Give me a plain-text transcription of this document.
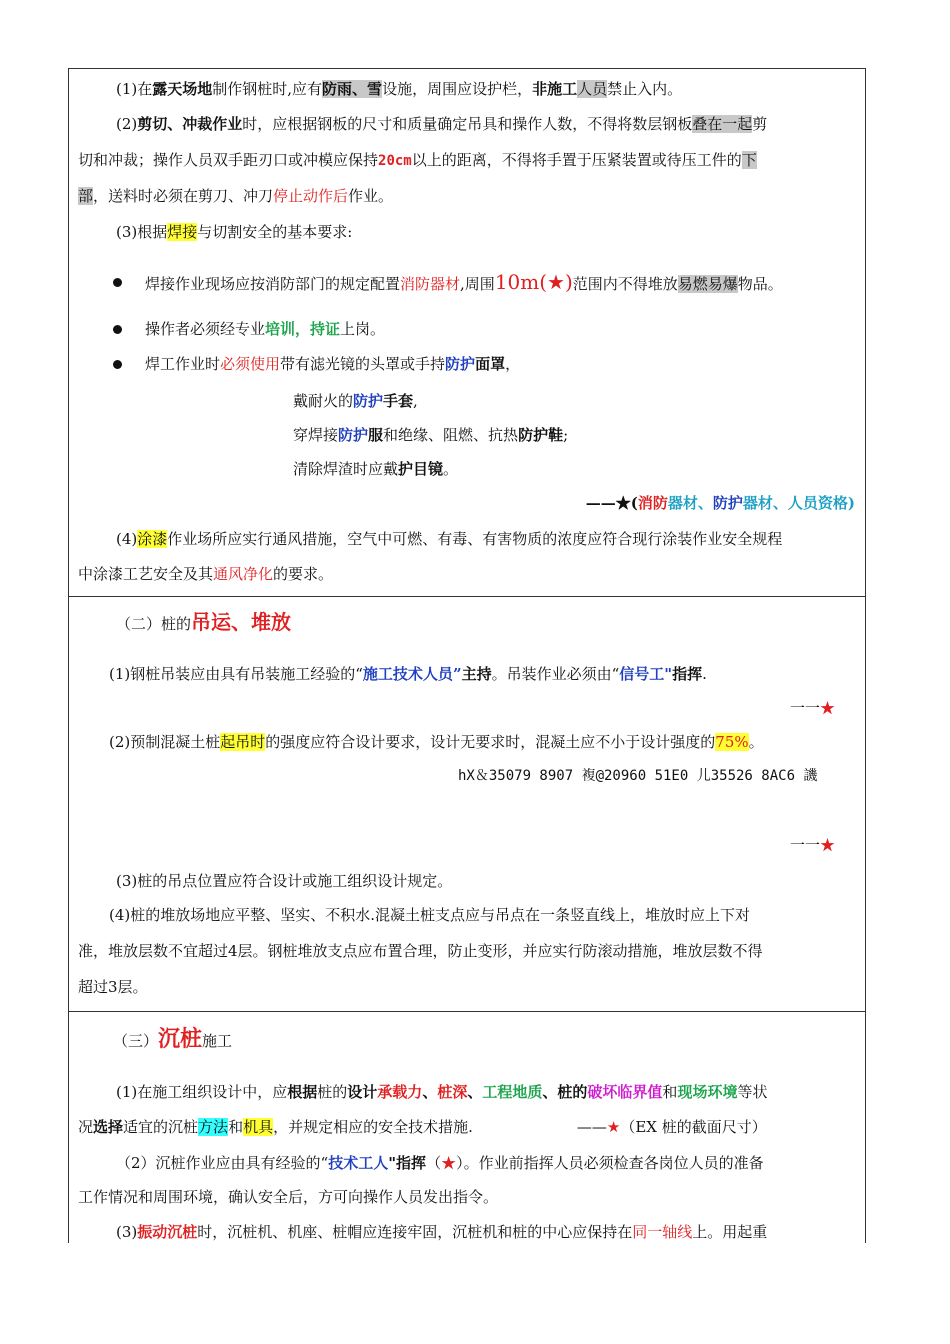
(1)在露天场地制作钢桩时,应有防雨、雪设施，周围应设护栏，非施工人员禁止入内。
(2)剪切、冲裁作业时，应根据钢板的尺寸和质量确定吊具和操作人数，不得将数层钢板叠在一起剪
切和冲裁；操作人员双手距刃口或冲模应保持20cm以上的距离，不得将手置于压紧装置或待压工件的下
部，送料时必须在剪刀、冲刀停止动作后作业。
(3)根据焊接与切割安全的基本要求:
焊接作业现场应按消防部门的规定配置消防器材,周围10m(★)范围内不得堆放易燃易爆物品。
操作者必须经专业培训，持证上岗。
焊工作业时必须使用带有滤光镜的头罩或手持防护面罩，
戴耐火的防护手套,
穿焊接防护服和绝缘、阻燃、抗热防护鞋;
清除焊渣时应戴护目镜。
——★(消防器材、防护器材、人员资格)
(4)涂漆作业场所应实行通风措施，空气中可燃、有毒、有害物质的浓度应符合现行涂装作业安全规程
中涂漆工艺安全及其通风净化的要求。
（二）桩的吊运、堆放
(1)钢桩吊装应由具有吊装施工经验的“施工技术人员”主持。吊装作业必须由“信号工"指挥.
一一★
(2)预制混凝土桩起吊时的强度应符合设计要求，设计无要求时，混凝土应不小于设计强度的75%。
hX＆35079 8907 複@20960 51E0 儿35526 8AC6 譏
一一★
(3)桩的吊点位置应符合设计或施工组织设计规定。
(4)桩的堆放场地应平整、坚实、不积水.混凝土桩支点应与吊点在一条竖直线上，堆放时应上下对
准，堆放层数不宜超过4层。钢桩堆放支点应布置合理，防止变形，并应实行防滚动措施，堆放层数不得
超过3层。
（三）沉桩施工
(1)在施工组织设计中，应根据桩的设计承载力、桩深、工程地质、桩的破坏临界值和现场环境等状
况选择适宜的沉桩方法和机具，并规定相应的安全技术措施.	——★（EX 桩的截面尺寸）
（2）沉桩作业应由具有经验的“技术工人"指挥（★）。作业前指挥人员必须检查各岗位人员的准备
工作情况和周围环境，确认安全后，方可向操作人员发出指令。
(3)振动沉桩时，沉桩机、机座、桩帽应连接牢固，沉桩机和桩的中心应保持在同一轴线上。用起重
